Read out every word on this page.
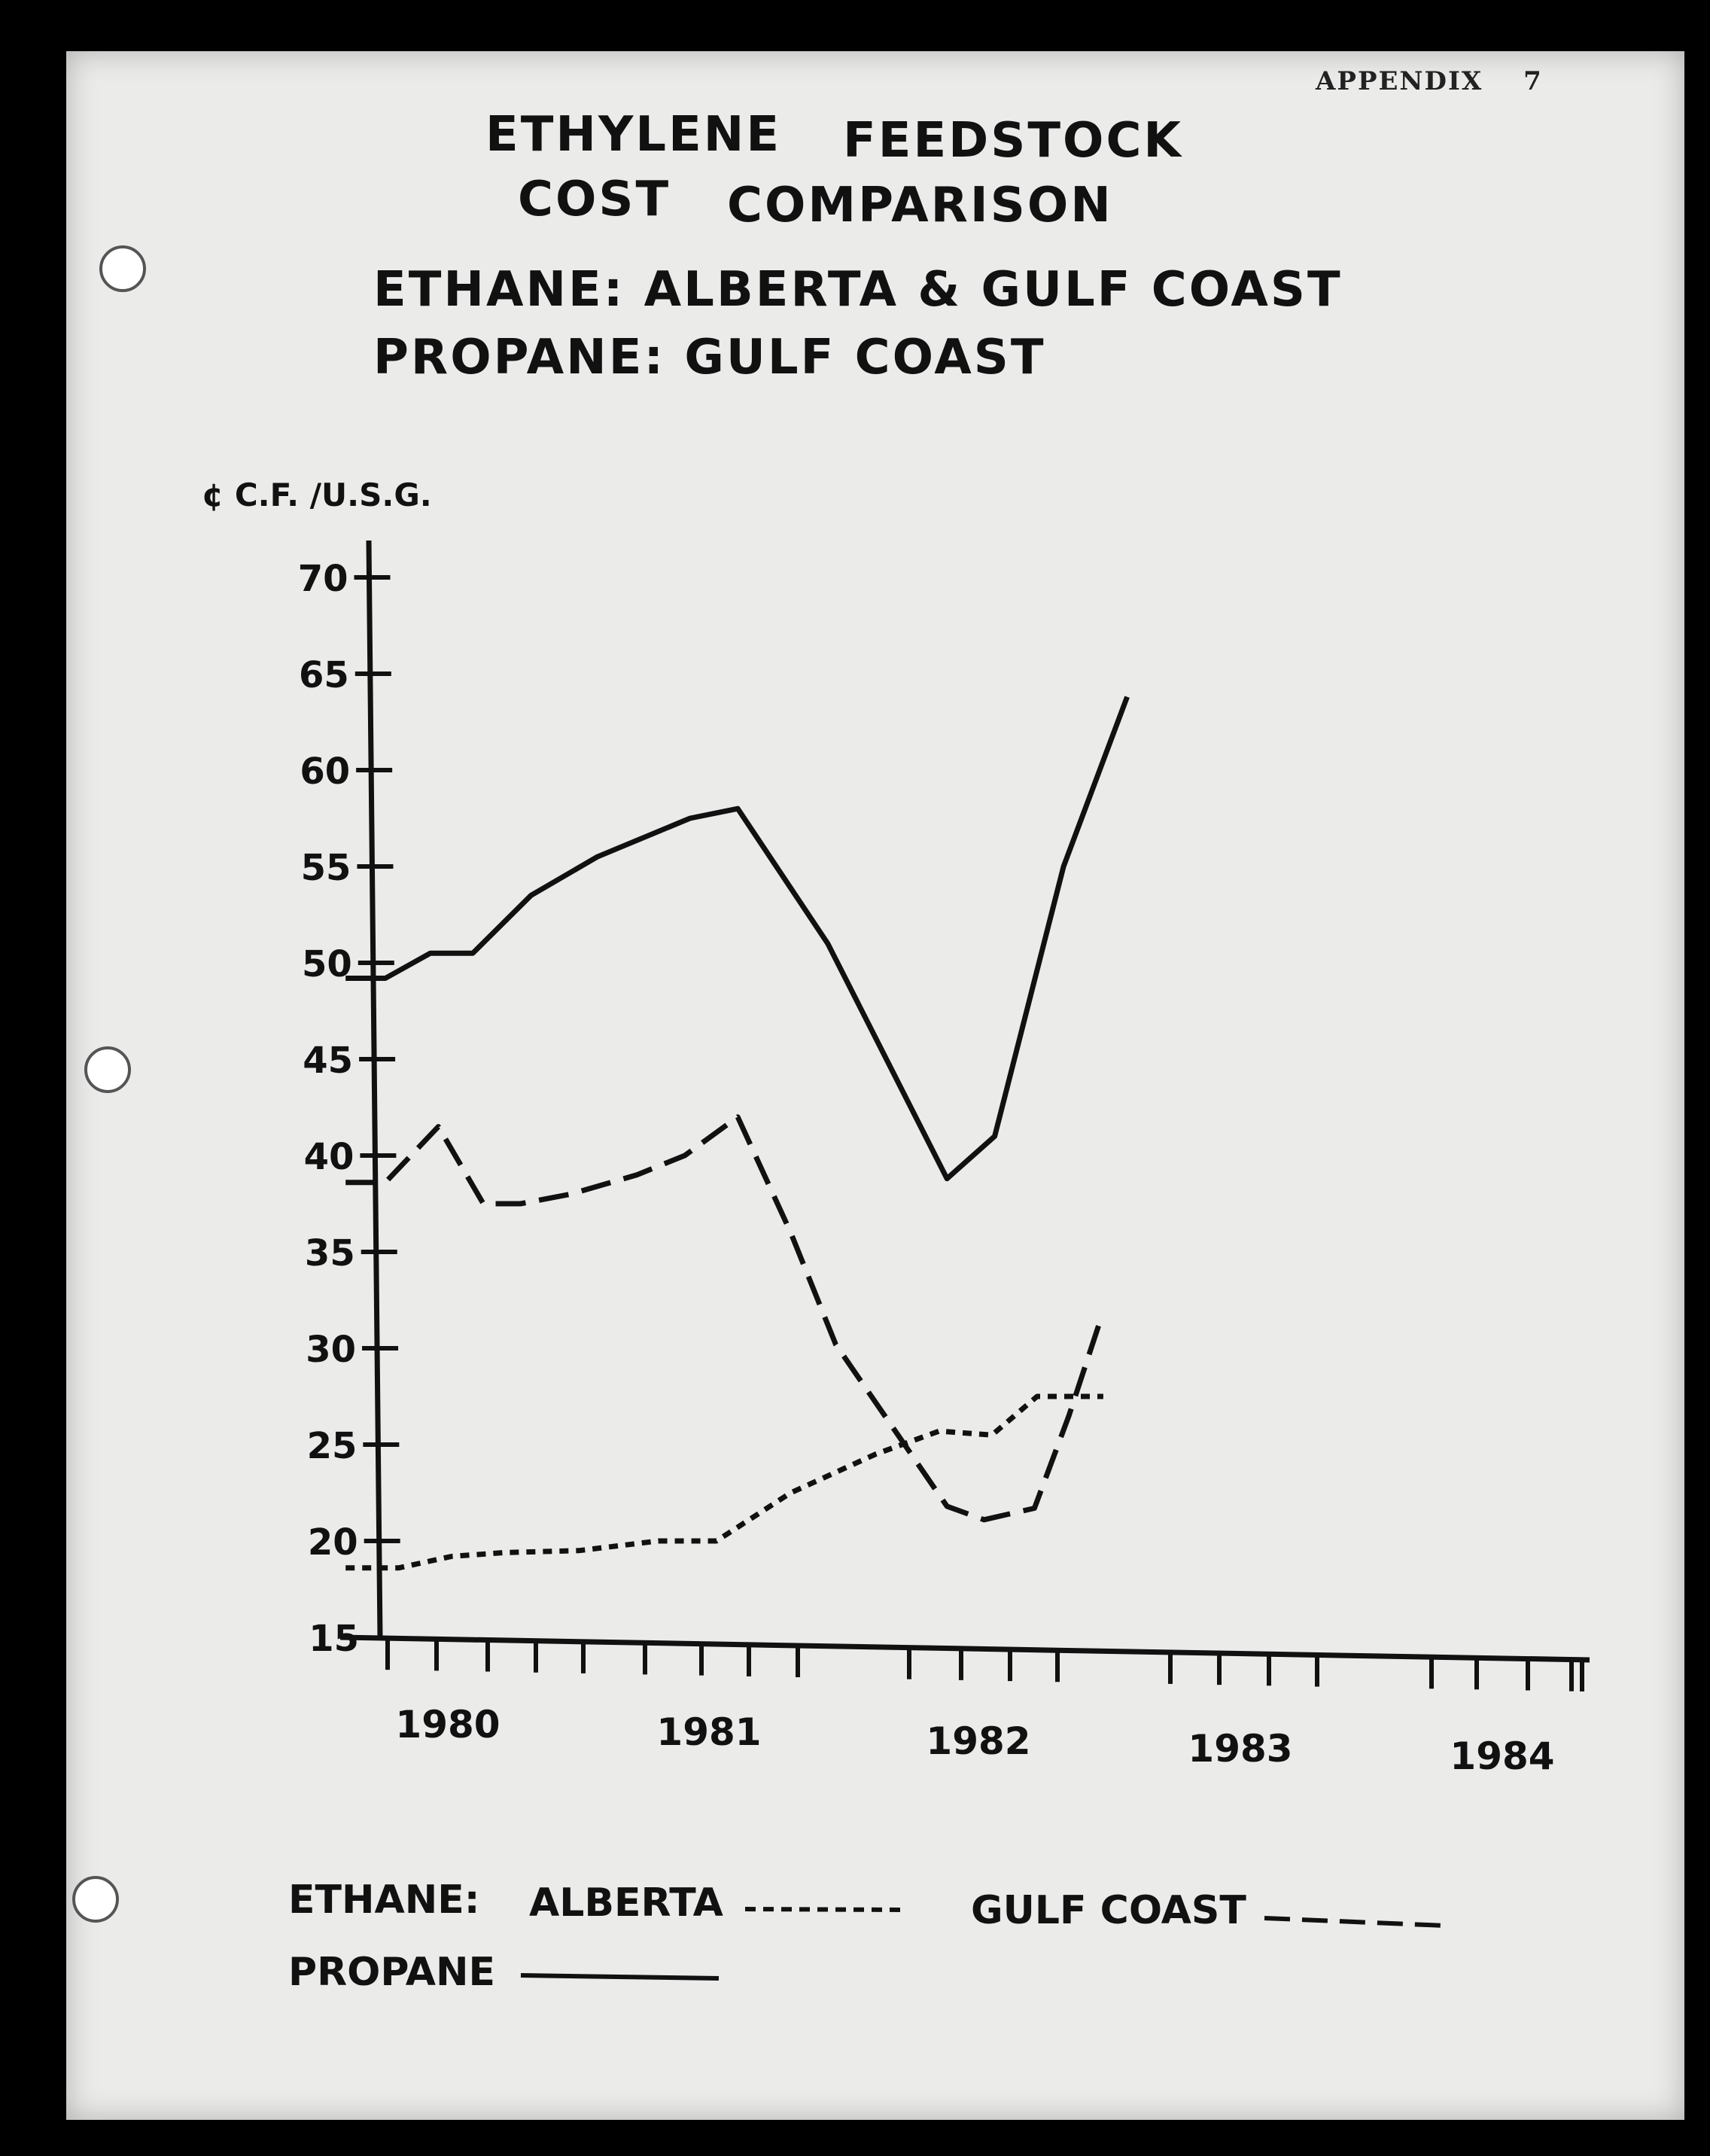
APPENDIX 7
ETHYLENE FEEDSTOCK
COST COMPARISON
ETHANE: ALBERTA & GULF COAST
PROPANE: GULF COAST
15
20
25
30
35
40
45
50
55
60
65
70
¢ C.F. /U.S.G.
1980	1981	1982	1983	1984
ETHANE: ALBERTA	GULF COAST
PROPANE
